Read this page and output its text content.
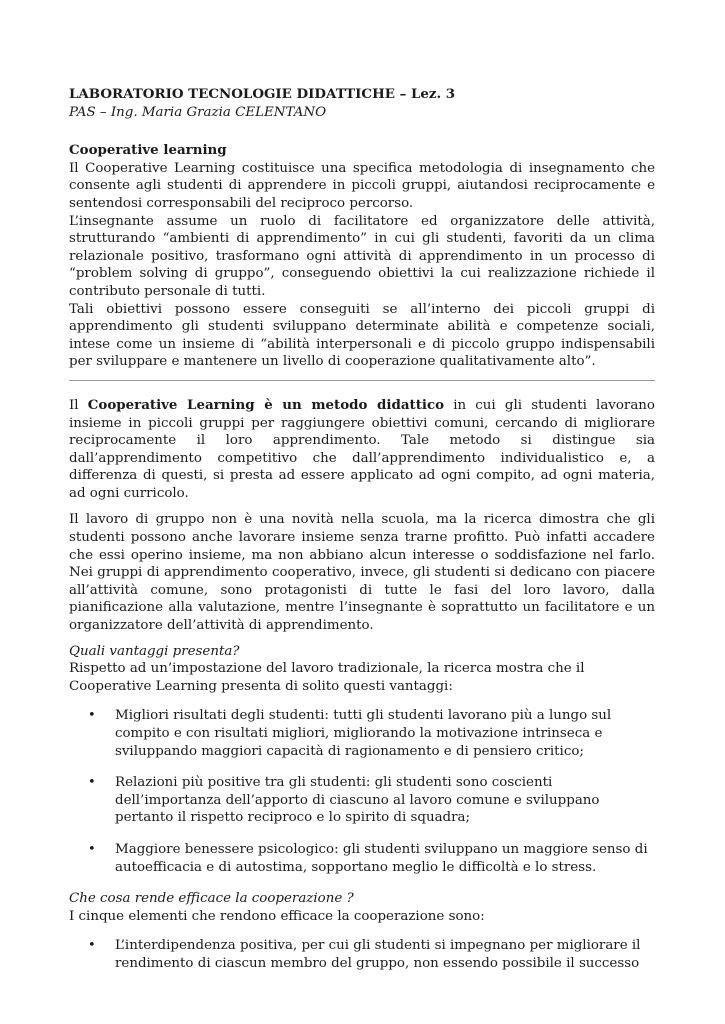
LABORATORIO TECNOLOGIE DIDATTICHE – Lez. 3

PAS – Ing. Maria Grazia CELENTANO

Cooperative learning

Il Cooperative Learning costituisce una specifica metodologia di insegnamento che consente agli studenti di apprendere in piccoli gruppi, aiutandosi reciprocamente e sentendosi corresponsabili del reciproco percorso.

L’insegnante assume un ruolo di facilitatore ed organizzatore delle attività, strutturando “ambienti di apprendimento” in cui gli studenti, favoriti da un clima relazionale positivo, trasformano ogni attività di apprendimento in un processo di “problem solving di gruppo”, conseguendo obiettivi la cui realizzazione richiede il contributo personale di tutti.

Tali obiettivi possono essere conseguiti se all’interno dei piccoli gruppi di apprendimento gli studenti sviluppano determinate abilità e competenze sociali, intese come un insieme di “abilità interpersonali e di piccolo gruppo indispensabili per sviluppare e mantenere un livello di cooperazione qualitativamente alto”.

Il Cooperative Learning è un metodo didattico in cui gli studenti lavorano insieme in piccoli gruppi per raggiungere obiettivi comuni, cercando di migliorare reciprocamente il loro apprendimento. Tale metodo si distingue sia dall’apprendimento competitivo che dall’apprendimento individualistico e, a differenza di questi, si presta ad essere applicato ad ogni compito, ad ogni materia, ad ogni curricolo.

Il lavoro di gruppo non è una novità nella scuola, ma la ricerca dimostra che gli studenti possono anche lavorare insieme senza trarne profitto. Può infatti accadere che essi operino insieme, ma non abbiano alcun interesse o soddisfazione nel farlo. Nei gruppi di apprendimento cooperativo, invece, gli studenti si dedicano con piacere all’attività comune, sono protagonisti di tutte le fasi del loro lavoro, dalla pianificazione alla valutazione, mentre l’insegnante è soprattutto un facilitatore e un organizzatore dell’attività di apprendimento.

Quali vantaggi presenta?

Rispetto ad un’impostazione del lavoro tradizionale, la ricerca mostra che il Cooperative Learning presenta di solito questi vantaggi:

• Migliori risultati degli studenti: tutti gli studenti lavorano più a lungo sul compito e con risultati migliori, migliorando la motivazione intrinseca e sviluppando maggiori capacità di ragionamento e di pensiero critico;
• Relazioni più positive tra gli studenti: gli studenti sono coscienti dell’importanza dell’apporto di ciascuno al lavoro comune e sviluppano pertanto il rispetto reciproco e lo spirito di squadra;
• Maggiore benessere psicologico: gli studenti sviluppano un maggiore senso di autoefficacia e di autostima, sopportano meglio le difficoltà e lo stress.

Che cosa rende efficace la cooperazione ?

I cinque elementi che rendono efficace la cooperazione sono:

• L’interdipendenza positiva, per cui gli studenti si impegnano per migliorare il rendimento di ciascun membro del gruppo, non essendo possibile il successo
